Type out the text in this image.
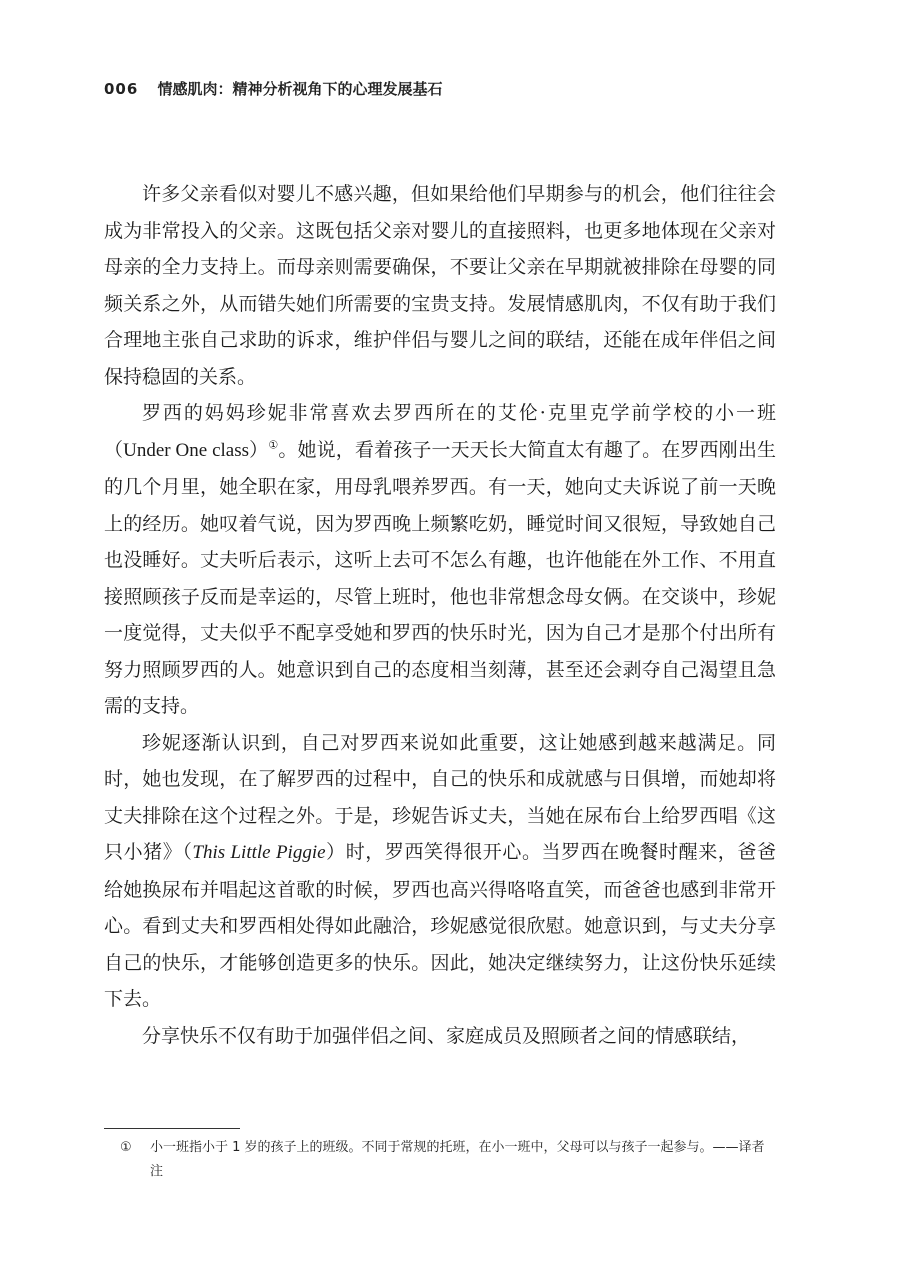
006 情感肌肉：精神分析视角下的心理发展基石

许多父亲看似对婴儿不感兴趣，但如果给他们早期参与的机会，他们往往会成为非常投入的父亲。这既包括父亲对婴儿的直接照料，也更多地体现在父亲对母亲的全力支持上。而母亲则需要确保，不要让父亲在早期就被排除在母婴的同频关系之外，从而错失她们所需要的宝贵支持。发展情感肌肉，不仅有助于我们合理地主张自己求助的诉求，维护伴侣与婴儿之间的联结，还能在成年伴侣之间保持稳固的关系。

罗西的妈妈珍妮非常喜欢去罗西所在的艾伦·克里克学前学校的小一班（Under One class）①。她说，看着孩子一天天长大简直太有趣了。在罗西刚出生的几个月里，她全职在家，用母乳喂养罗西。有一天，她向丈夫诉说了前一天晚上的经历。她叹着气说，因为罗西晚上频繁吃奶，睡觉时间又很短，导致她自己也没睡好。丈夫听后表示，这听上去可不怎么有趣，也许他能在外工作、不用直接照顾孩子反而是幸运的，尽管上班时，他也非常想念母女俩。在交谈中，珍妮一度觉得，丈夫似乎不配享受她和罗西的快乐时光，因为自己才是那个付出所有努力照顾罗西的人。她意识到自己的态度相当刻薄，甚至还会剥夺自己渴望且急需的支持。

珍妮逐渐认识到，自己对罗西来说如此重要，这让她感到越来越满足。同时，她也发现，在了解罗西的过程中，自己的快乐和成就感与日俱增，而她却将丈夫排除在这个过程之外。于是，珍妮告诉丈夫，当她在尿布台上给罗西唱《这只小猪》（This Little Piggie）时，罗西笑得很开心。当罗西在晚餐时醒来，爸爸给她换尿布并唱起这首歌的时候，罗西也高兴得咯咯直笑，而爸爸也感到非常开心。看到丈夫和罗西相处得如此融洽，珍妮感觉很欣慰。她意识到，与丈夫分享自己的快乐，才能够创造更多的快乐。因此，她决定继续努力，让这份快乐延续下去。

分享快乐不仅有助于加强伴侣之间、家庭成员及照顾者之间的情感联结，

①	小一班指小于 1 岁的孩子上的班级。不同于常规的托班，在小一班中，父母可以与孩子一起参与。——译者注
